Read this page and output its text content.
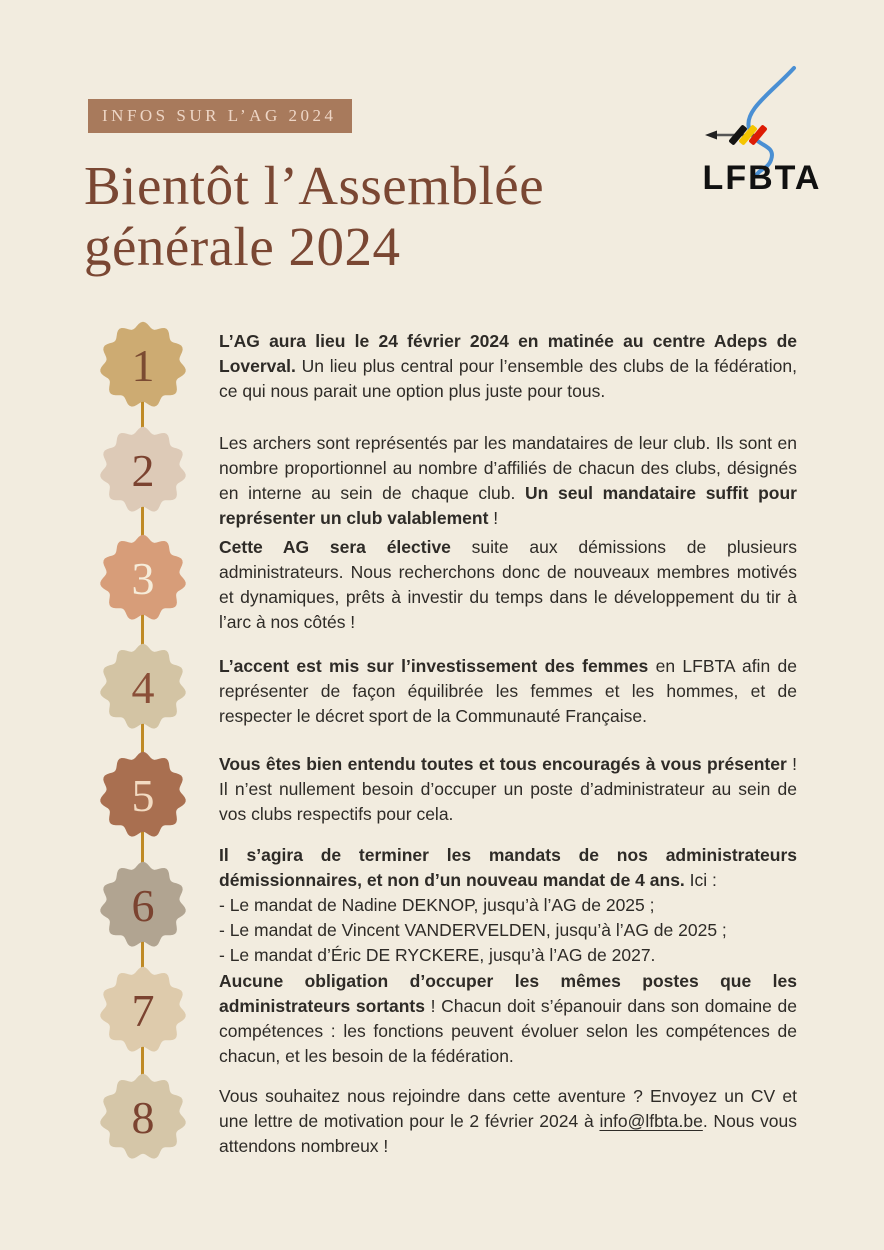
INFOS SUR L’AG 2024
LFBTA
Bientôt l’Assemblée
générale 2024
1
2
3
4
5
6
7
8

L’AG aura lieu le 24 février 2024 en matinée au centre Adeps de Loverval. Un lieu plus central pour l’ensemble des clubs de la fédération, ce qui nous parait une option plus juste pour tous.

Les archers sont représentés par les mandataires de leur club. Ils sont en nombre proportionnel au nombre d’affiliés de chacun des clubs, désignés en interne au sein de chaque club. Un seul mandataire suffit pour représenter un club valablement !

Cette AG sera élective suite aux démissions de plusieurs administrateurs. Nous recherchons donc de nouveaux membres motivés et dynamiques, prêts à investir du temps dans le développement du tir à l’arc à nos côtés !

L’accent est mis sur l’investissement des femmes en LFBTA afin de représenter de façon équilibrée les femmes et les hommes, et de respecter le décret sport de la Communauté Française.

Vous êtes bien entendu toutes et tous encouragés à vous présenter ! Il n’est nullement besoin d’occuper un poste d’administrateur au sein de vos clubs respectifs pour cela.

Il s’agira de terminer les mandats de nos administrateurs démissionnaires, et non d’un nouveau mandat de 4 ans. Ici :

- Le mandat de Nadine DEKNOP, jusqu’à l’AG de 2025 ;
- Le mandat de Vincent VANDERVELDEN, jusqu’à l’AG de 2025 ;
- Le mandat d’Éric DE RYCKERE, jusqu’à l’AG de 2027.

Aucune obligation d’occuper les mêmes postes que les administrateurs sortants ! Chacun doit s’épanouir dans son domaine de compétences : les fonctions peuvent évoluer selon les compétences de chacun, et les besoin de la fédération.

Vous souhaitez nous rejoindre dans cette aventure ? Envoyez un CV et une lettre de motivation pour le 2 février 2024 à info@lfbta.be. Nous vous attendons nombreux !
